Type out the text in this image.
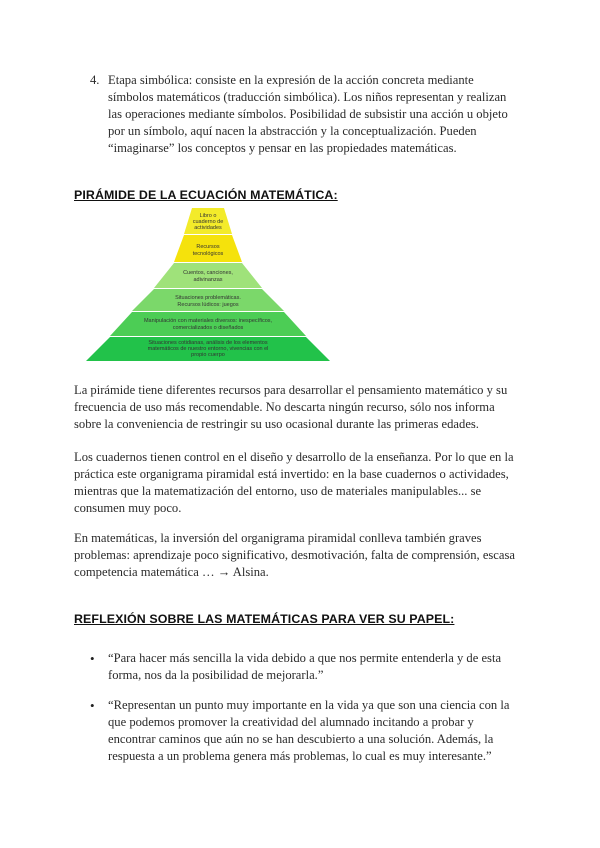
4. Etapa simbólica: consiste en la expresión de la acción concreta mediante
símbolos matemáticos (traducción simbólica). Los niños representan y realizan
las operaciones mediante símbolos. Posibilidad de subsistir una acción u objeto
por un símbolo, aquí nacen la abstracción y la conceptualización. Pueden
“imaginarse” los conceptos y pensar en las propiedades matemáticas.
PIRÁMIDE DE LA ECUACIÓN MATEMÁTICA:
Libro o
cuaderno de
actividades
Recursos
tecnológicos
Cuentos, canciones,
adivinanzas
Situaciones problemáticas.
Recursos lúdicos: juegos
Manipulación con materiales diversos: inespecíficos,
comercializados o diseñados
Situaciones cotidianas, análisis de los elementos
matemáticos de nuestro entorno, vivencias con el
propio cuerpo
La pirámide tiene diferentes recursos para desarrollar el pensamiento matemático y su
frecuencia de uso más recomendable. No descarta ningún recurso, sólo nos informa
sobre la conveniencia de restringir su uso ocasional durante las primeras edades.
Los cuadernos tienen control en el diseño y desarrollo de la enseñanza. Por lo que en la
práctica este organigrama piramidal está invertido: en la base cuadernos o actividades,
mientras que la matematización del entorno, uso de materiales manipulables... se
consumen muy poco.
En matemáticas, la inversión del organigrama piramidal conlleva también graves
problemas: aprendizaje poco significativo, desmotivación, falta de comprensión, escasa
competencia matemática … → Alsina.
REFLEXIÓN SOBRE LAS MATEMÁTICAS PARA VER SU PAPEL:
• “Para hacer más sencilla la vida debido a que nos permite entenderla y de esta
forma, nos da la posibilidad de mejorarla.”
• “Representan un punto muy importante en la vida ya que son una ciencia con la
que podemos promover la creatividad del alumnado incitando a probar y
encontrar caminos que aún no se han descubierto a una solución. Además, la
respuesta a un problema genera más problemas, lo cual es muy interesante.”
